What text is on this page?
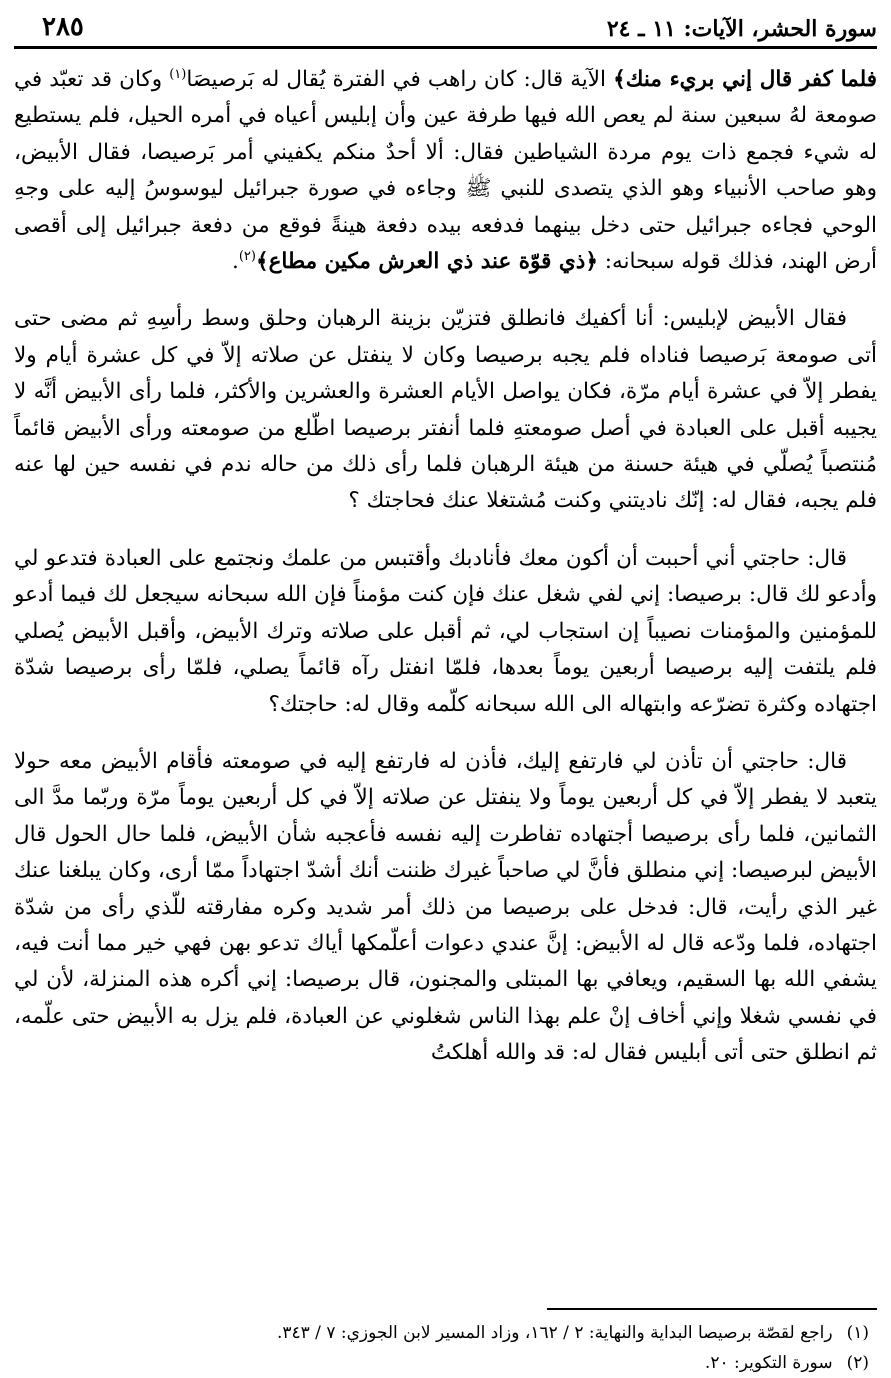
٢٨٥	سورة الحشر، الآيات: ١١ ـ ٢٤

فلما كفر قال إني بريء منك﴾ الآية قال: كان راهب في الفترة يُقال له بَرصيصَا$^{(١)}$ وكان قد تعبّد في صومعة لهُ سبعين سنة لم يعص الله فيها طرفة عين وأن إبليس أعياه في أمره الحيل، فلم يستطيع له شيء فجمع ذات يوم مردة الشياطين فقال: ألا أحدٌ منكم يكفيني أمر بَرصيصا، فقال الأبيض، وهو صاحب الأنبياء وهو الذي يتصدى للنبي ﷺ وجاءه في صورة جبرائيل ليوسوسُ إليه على وجهِ الوحي فجاءه جبرائيل حتى دخل بينهما فدفعه بيده دفعة هينةً فوقع من دفعة جبرائيل إلى أقصى أرض الهند، فذلك قوله سبحانه: ﴿ذي قوّة عند ذي العرش مكين مطاع﴾$^{(٢)}$.

فقال الأبيض لإبليس: أنا أكفيك فانطلق فتزيّن بزينة الرهبان وحلق وسط رأسِهِ ثم مضى حتى أتى صومعة بَرصيصا فناداه فلم يجبه برصيصا وكان لا ينفتل عن صلاته إلاّ في كل عشرة أيام ولا يفطر إلاّ في عشرة أيام مرّة، فكان يواصل الأيام العشرة والعشرين والأكثر، فلما رأى الأبيض أنَّه لا يجيبه أقبل على العبادة في أصل صومعتهِ فلما أنفتر برصيصا اطّلع من صومعته ورأى الأبيض قائماً مُنتصباً يُصلّي في هيئة حسنة من هيئة الرهبان فلما رأى ذلك من حاله ندم في نفسه حين لها عنه فلم يجبه، فقال له: إنّك ناديتني وكنت مُشتغلا عنك فحاجتك ؟

قال: حاجتي أني أحببت أن أكون معك فأنادبك وأقتبس من علمك ونجتمع على العبادة فتدعو لي وأدعو لك قال: برصيصا: إني لفي شغل عنك فإن كنت مؤمناً فإن الله سبحانه سيجعل لك فيما أدعو للمؤمنين والمؤمنات نصيباً إن استجاب لي، ثم أقبل على صلاته وترك الأبيض، وأقبل الأبيض يُصلي فلم يلتفت إليه برصيصا أربعين يوماً بعدها، فلمّا انفتل رآه قائماً يصلي، فلمّا رأى برصيصا شدّة اجتهاده وكثرة تضرّعه وابتهاله الى الله سبحانه كلّمه وقال له: حاجتك؟

قال: حاجتي أن تأذن لي فارتفع إليك، فأذن له فارتفع إليه في صومعته فأقام الأبيض معه حولا يتعبد لا يفطر إلاّ في كل أربعين يوماً ولا ينفتل عن صلاته إلاّ في كل أربعين يوماً مرّة وربّما مدَّ الى الثمانين، فلما رأى برصيصا أجتهاده تفاطرت إليه نفسه فأعجبه شأن الأبيض، فلما حال الحول قال الأبيض لبرصيصا: إني منطلق فأنَّ لي صاحباً غيرك ظننت أنك أشدّ اجتهاداً ممّا أرى، وكان يبلغنا عنك غير الذي رأيت، قال: فدخل على برصيصا من ذلك أمر شديد وكره مفارقته للّذي رأى من شدّة اجتهاده، فلما ودّعه قال له الأبيض: إنَّ عندي دعوات أعلّمكها أياك تدعو بهن فهي خير مما أنت فيه، يشفي الله بها السقيم، ويعافي بها المبتلى والمجنون، قال برصيصا: إني أكره هذه المنزلة، لأن لي في نفسي شغلا وإني أخاف إنْ علم بهذا الناس شغلوني عن العبادة، فلم يزل به الأبيض حتى علّمه، ثم انطلق حتى أتى أبليس فقال له: قد والله أهلكتُ

(١)راجع لقصّة برصيصا البداية والنهاية: ٢ / ١٦٢، وزاد المسير لابن الجوزي: ٧ / ٣٤٣.

(٢)سورة التكوير: ٢٠.
